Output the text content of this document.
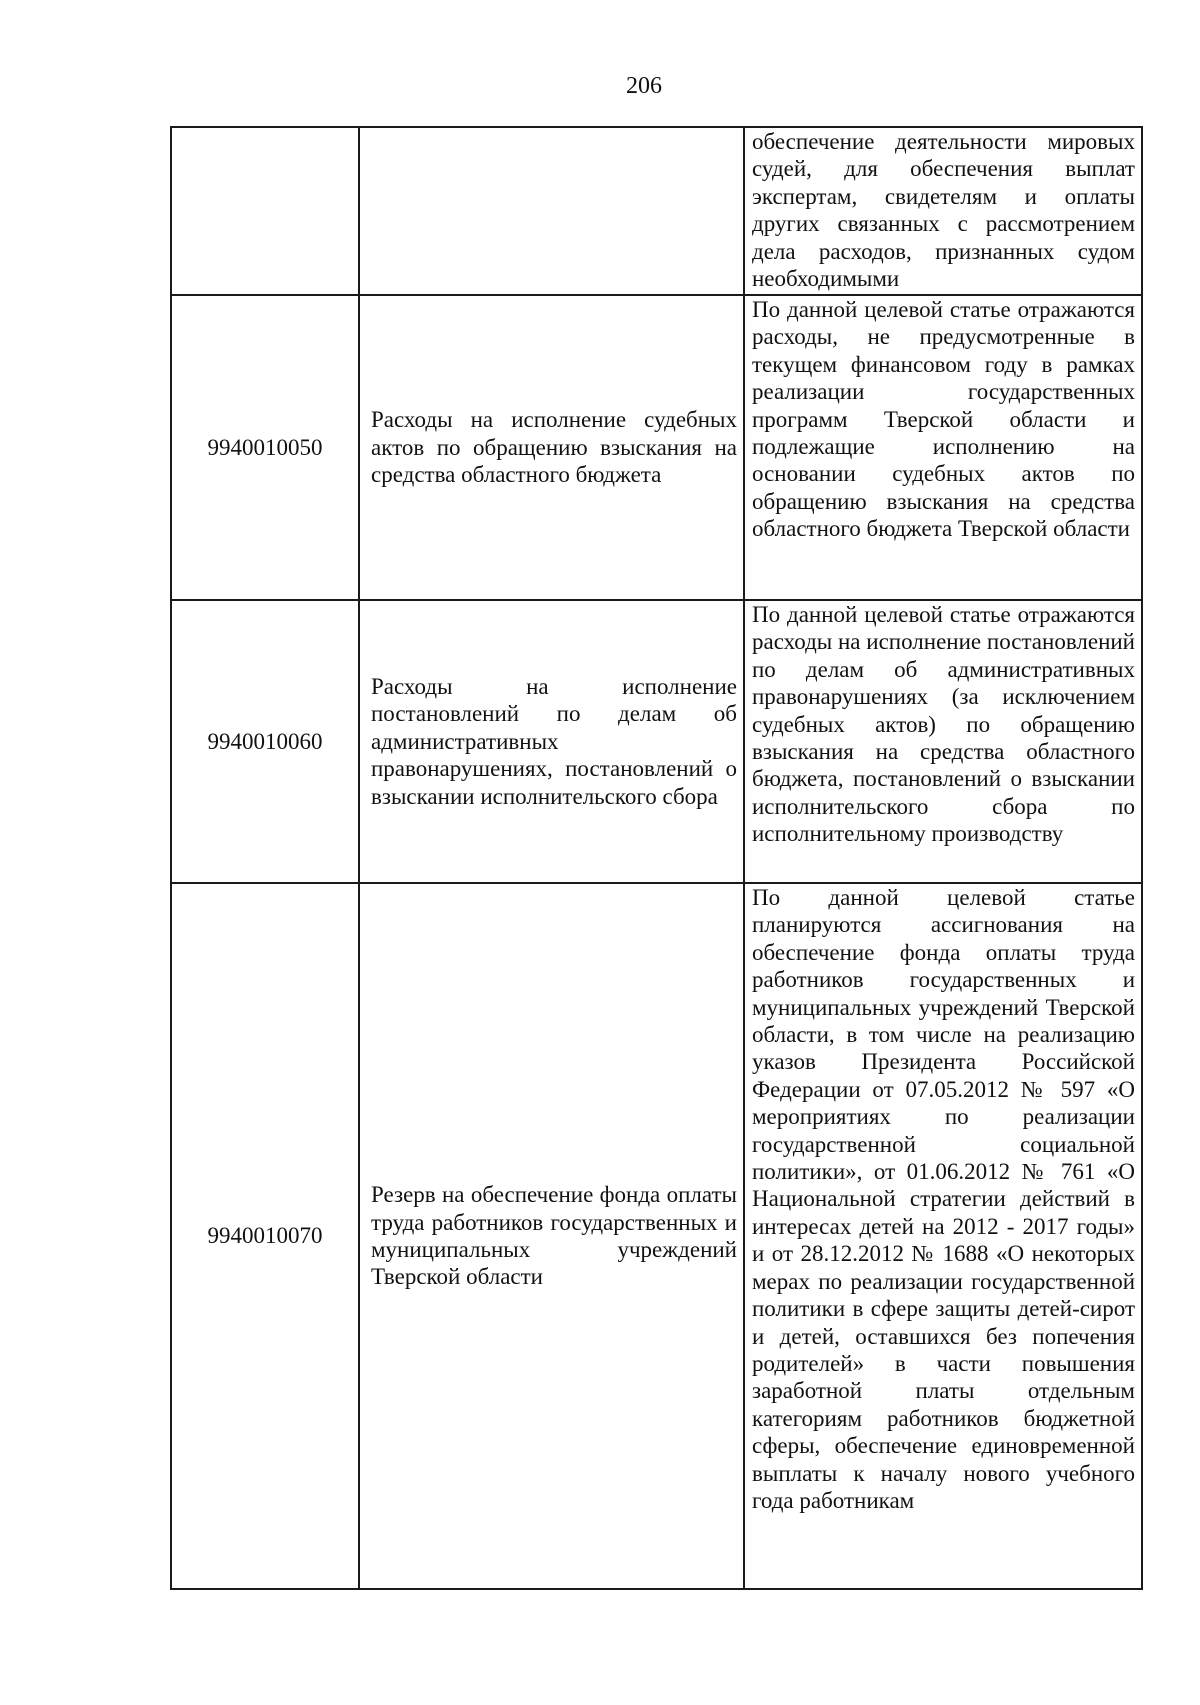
206

		обеспечение деятельности мировых судей, для обеспечения выплат экспертам, свидетелям и оплаты других связанных с рассмотрением дела расходов, признанных судом необходимыми

9940010050	Расходы на исполнение судебных актов по обращению взыскания на средства областного бюджета	По данной целевой статье отражаются расходы, не предусмотренные в текущем финансовом году в рамках реализации государственных программ Тверской области и подлежащие исполнению на основании судебных актов по обращению взыскания на средства областного бюджета Тверской области

9940010060	Расходы на исполнение постановлений по делам об административных правонарушениях, постановлений о взыскании исполнительского сбора	По данной целевой статье отражаются расходы на исполнение постановлений по делам об административных правонарушениях (за исключением судебных актов) по обращению взыскания на средства областного бюджета, постановлений о взыскании исполнительского сбора по исполнительному производству

9940010070	Резерв на обеспечение фонда оплаты труда работников государственных и муниципальных учреждений Тверской области	По данной целевой статье планируются ассигнования на обеспечение фонда оплаты труда работников государственных и муниципальных учреждений Тверской области, в том числе на реализацию указов Президента Российской Федерации от 07.05.2012 № 597 «О мероприятиях по реализации государственной социальной политики», от 01.06.2012 № 761 «О Национальной стратегии действий в интересах детей на 2012 - 2017 годы» и от 28.12.2012 № 1688 «О некоторых мерах по реализации государственной политики в сфере защиты детей-сирот и детей, оставшихся без попечения родителей» в части повышения заработной платы отдельным категориям работников бюджетной сферы, обеспечение единовременной выплаты к началу нового учебного года работникам
